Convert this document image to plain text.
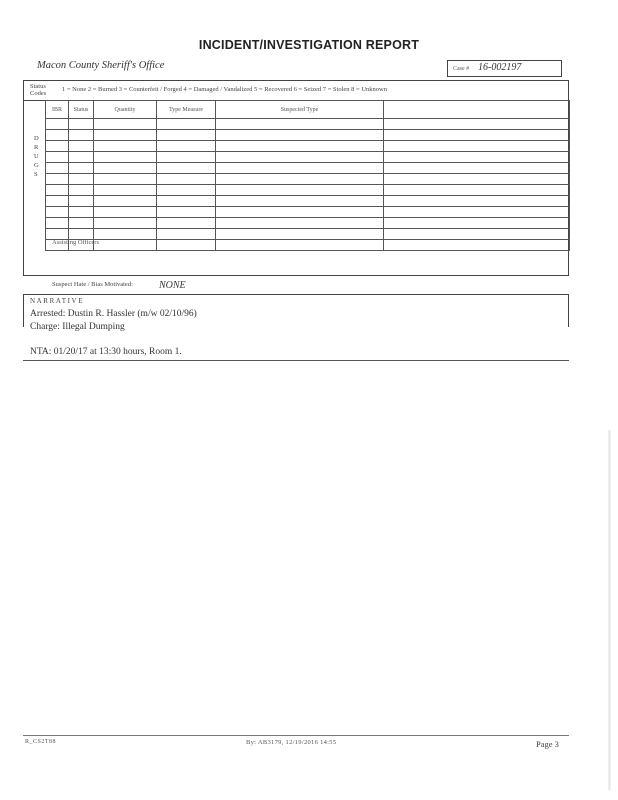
INCIDENT/INVESTIGATION REPORT
Macon County Sheriff's Office	Case # 16-002197
Status
Codes
1 = None 2 = Burned 3 = Counterfeit / Forged 4 = Damaged / Vandalized 5 = Recovered 6 = Seized 7 = Stolen 8 = Unknown
D
R
U
G
S
IBR	Status	Quantity	Type Measure	Suspected Type	

Assisting Officers
Suspect Hate / Bias Motivated:	NONE
NARRATIVE
Arrested: Dustin R. Hassler (m/w 02/10/96)
Charge: Illegal Dumping
NTA: 01/20/17 at 13:30 hours, Room 1.
R_CS2T88	By: AB3179, 12/19/2016 14:55	Page 3
